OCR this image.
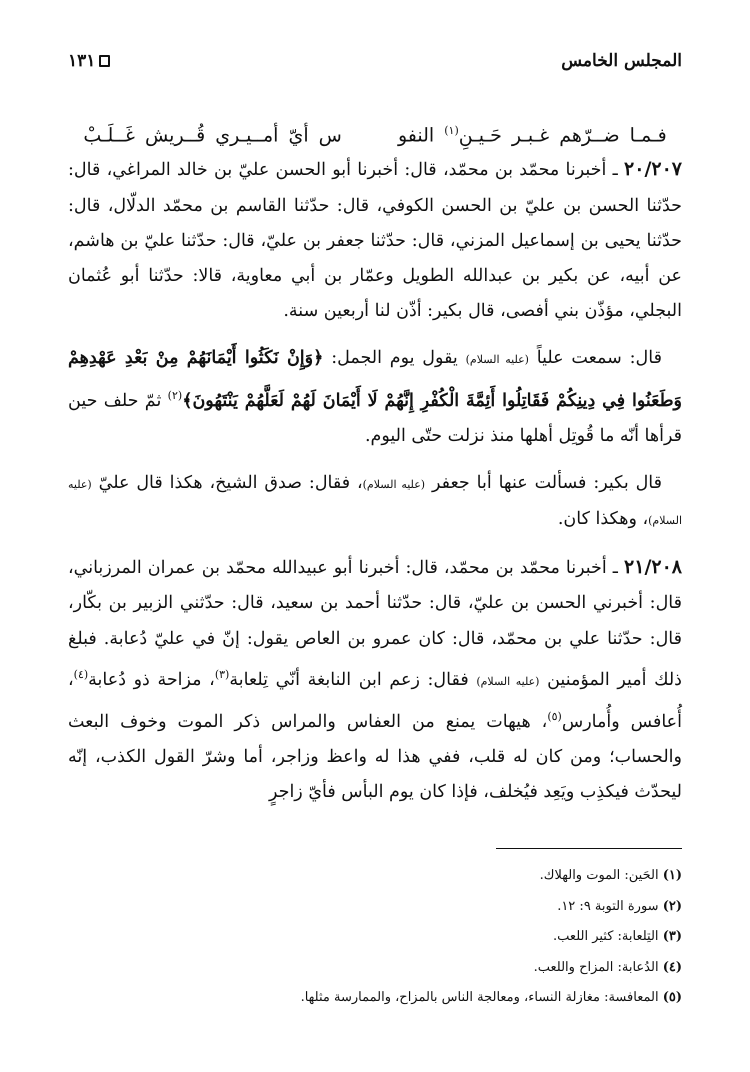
المجلس الخامس
١٣١
فـمـا ضــرّهم غـبـر حَـيـنِ$^{(١)}$ النفو  س أيّ أمــيـري قُــريش غَــلَـبْ

٢٠/٢٠٧ ـ أخبرنا محمّد بن محمّد، قال: أخبرنا أبو الحسن عليّ بن خالد المراغي، قال: حدّثنا الحسن بن عليّ بن الحسن الكوفي، قال: حدّثنا القاسم بن محمّد الدلّال، قال: حدّثنا يحيى بن إسماعيل المزني، قال: حدّثنا جعفر بن عليّ، قال: حدّثنا عليّ بن هاشم، عن أبيه، عن بكير بن عبدالله الطويل وعمّار بن أبي معاوية، قالا: حدّثنا أبو عُثمان البجلي، مؤذّن بني أفصى، قال بكير: أذّن لنا أربعين سنة.

قال: سمعت علياً (عليه السلام) يقول يوم الجمل: ﴿وَإِنْ نَكَثُوا أَيْمَانَهُمْ مِنْ بَعْدِ عَهْدِهِمْ وَطَعَنُوا فِي دِينِكُمْ فَقَاتِلُوا أَئِمَّةَ الْكُفْرِ إِنَّهُمْ لَا أَيْمَانَ لَهُمْ لَعَلَّهُمْ يَنْتَهُونَ﴾$^{(٢)}$ ثمّ حلف حين قرأها أنّه ما قُوتِل أهلها منذ نزلت حتّى اليوم.

قال بكير: فسألت عنها أبا جعفر (عليه السلام)، فقال: صدق الشيخ، هكذا قال عليّ (عليه السلام)، وهكذا كان.

٢١/٢٠٨ ـ أخبرنا محمّد بن محمّد، قال: أخبرنا أبو عبيدالله محمّد بن عمران المرزباني، قال: أخبرني الحسن بن عليّ، قال: حدّثنا أحمد بن سعيد، قال: حدّثني الزبير بن بكّار، قال: حدّثنا علي بن محمّد، قال: كان عمرو بن العاص يقول: إنّ في عليّ دُعابة. فبلغ ذلك أمير المؤمنين (عليه السلام) فقال: زعم ابن النابغة أنّي تِلعابة$^{(٣)}$، مزاحة ذو دُعابة$^{(٤)}$، أُعافس وأُمارس$^{(٥)}$، هيهات يمنع من العفاس والمراس ذكر الموت وخوف البعث والحساب؛ ومن كان له قلب، ففي هذا له واعظ وزاجر، أما وشرّ القول الكذب، إنّه ليحدّث فيكذِب ويَعِد فيُخلف، فإذا كان يوم البأس فأيّ زاجرٍ

(١) الحَين: الموت والهلاك.
(٢) سورة التوبة ٩: ١٢.
(٣) التِلعابة: كثير اللعب.
(٤) الدُعابة: المزاح واللعب.
(٥) المعافسة: مغازلة النساء، ومعالجة الناس بالمزاح، والممارسة مثلها.
